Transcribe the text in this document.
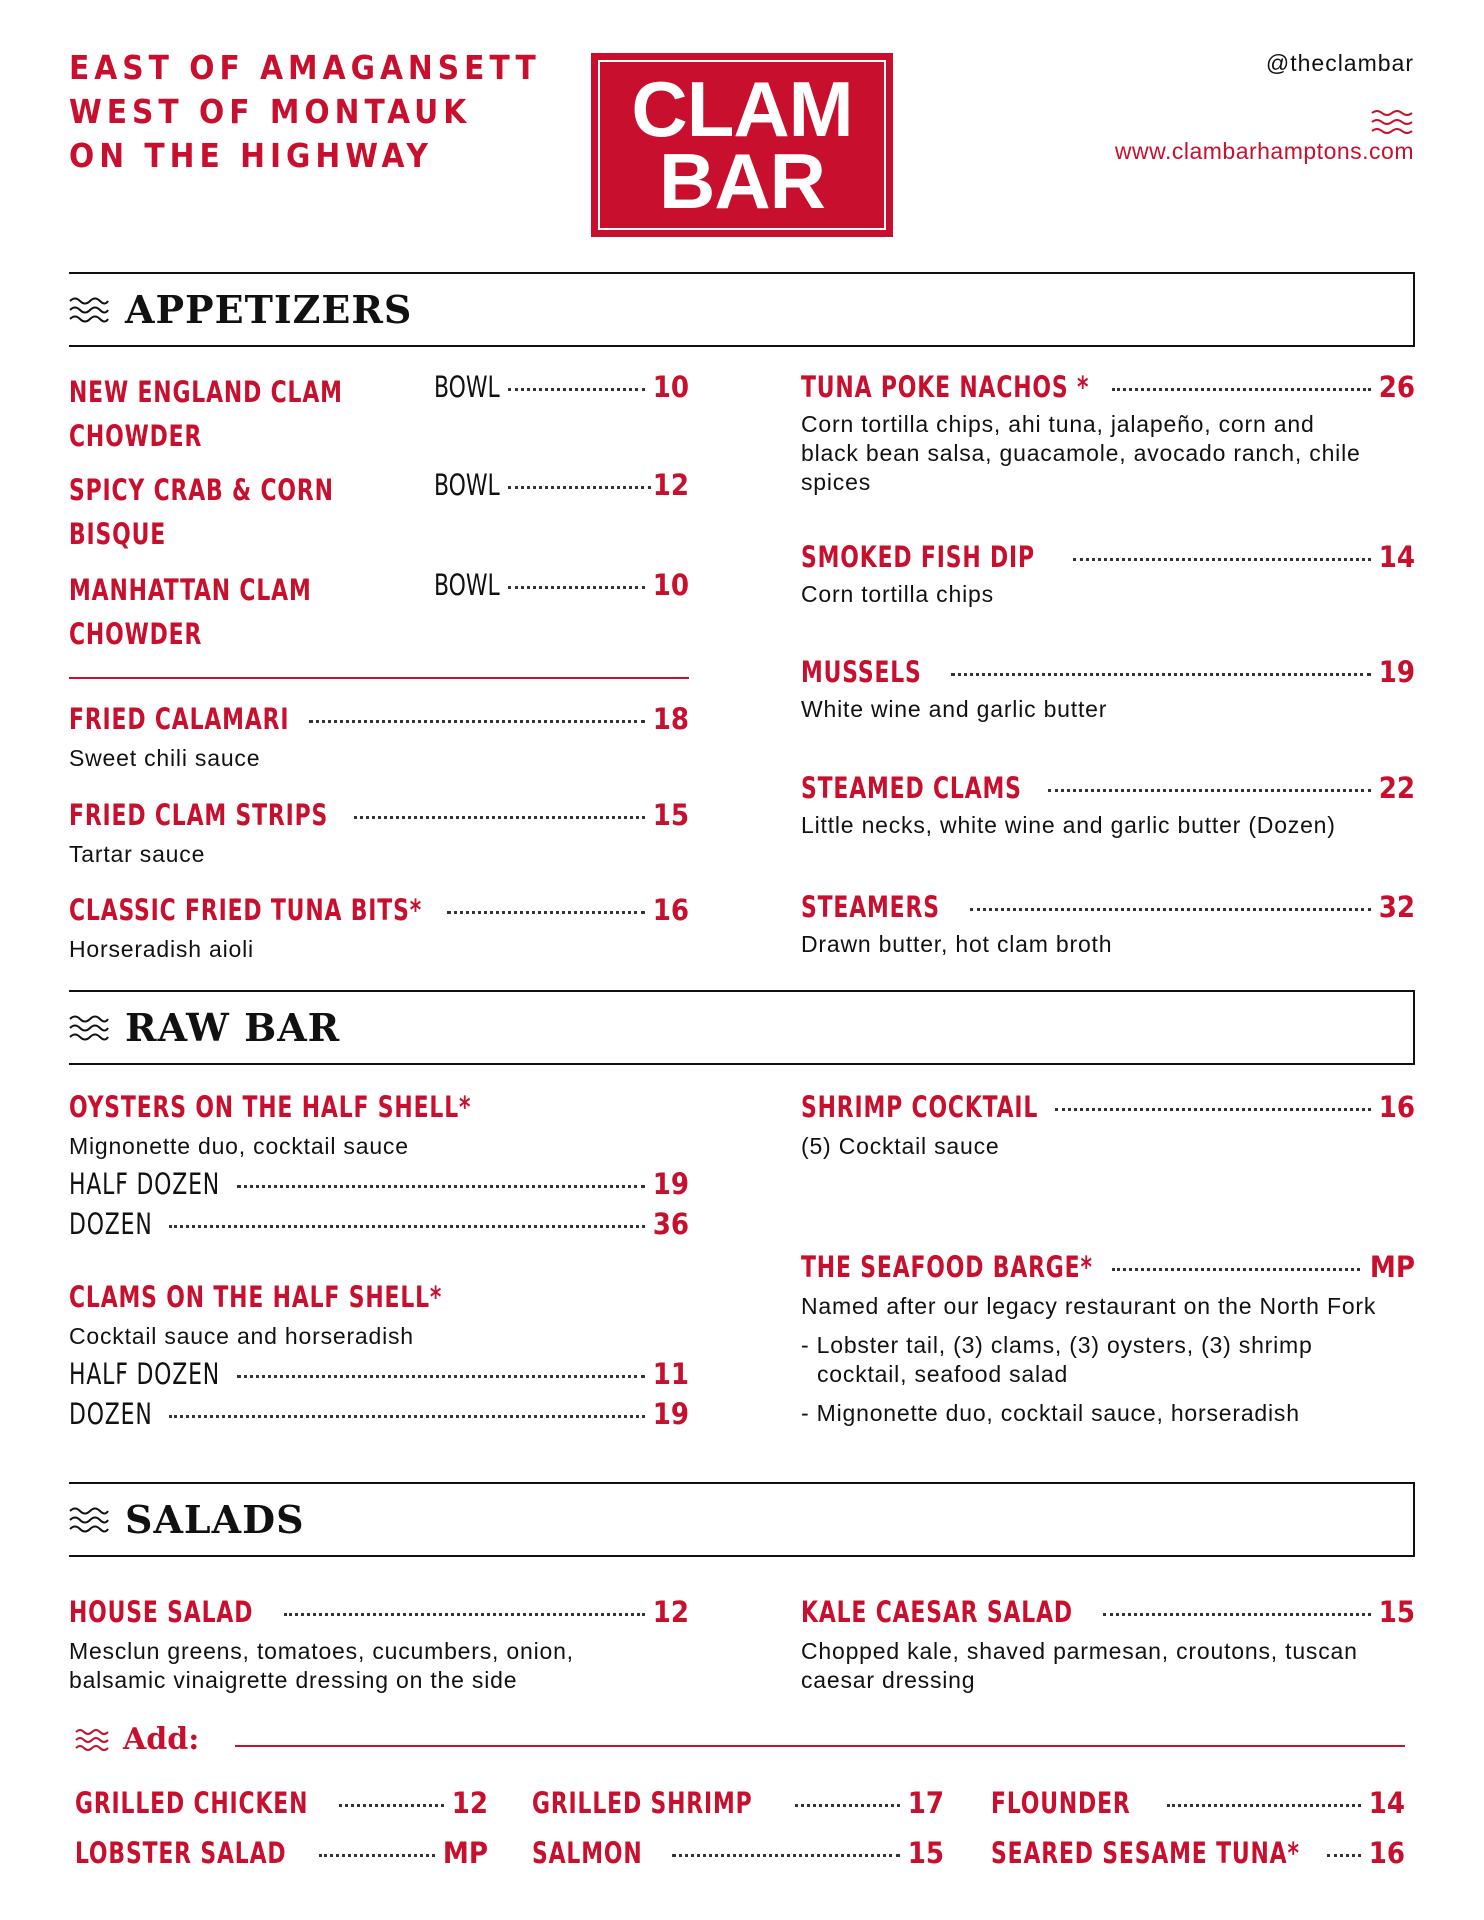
EAST OF AMAGANSETT
WEST OF MONTAUK
ON THE HIGHWAY
CLAM
BAR
@theclambar
www.clambarhamptons.com
APPETIZERS
NEW ENGLAND CLAM
CHOWDER
BOWL	10
SPICY CRAB & CORN
BISQUE
BOWL	12
MANHATTAN CLAM
CHOWDER
BOWL	10
FRIED CALAMARI	18
Sweet chili sauce
FRIED CLAM STRIPS	15
Tartar sauce
CLASSIC FRIED TUNA BITS*	16
Horseradish aioli
TUNA POKE NACHOS *	26
Corn tortilla chips, ahi tuna, jalapeño, corn and black bean salsa, guacamole, avocado ranch, chile spices
SMOKED FISH DIP	14
Corn tortilla chips
MUSSELS	19
White wine and garlic butter
STEAMED CLAMS	22
Little necks, white wine and garlic butter (Dozen)
STEAMERS	32
Drawn butter, hot clam broth
RAW BAR
OYSTERS ON THE HALF SHELL*
Mignonette duo, cocktail sauce
HALF DOZEN	19
DOZEN	36
CLAMS ON THE HALF SHELL*
Cocktail sauce and horseradish
HALF DOZEN	11
DOZEN	19
SHRIMP COCKTAIL	16
(5) Cocktail sauce
THE SEAFOOD BARGE*	MP
Named after our legacy restaurant on the North Fork
- Lobster tail, (3) clams, (3) oysters, (3) shrimp
cocktail, seafood salad
- Mignonette duo, cocktail sauce, horseradish
SALADS
HOUSE SALAD	12
Mesclun greens, tomatoes, cucumbers, onion, balsamic vinaigrette dressing on the side
KALE CAESAR SALAD	15
Chopped kale, shaved parmesan, croutons, tuscan caesar dressing
Add:
GRILLED CHICKEN	12
LOBSTER SALAD	MP
GRILLED SHRIMP	17
SALMON	15
FLOUNDER	14
SEARED SESAME TUNA*	16
